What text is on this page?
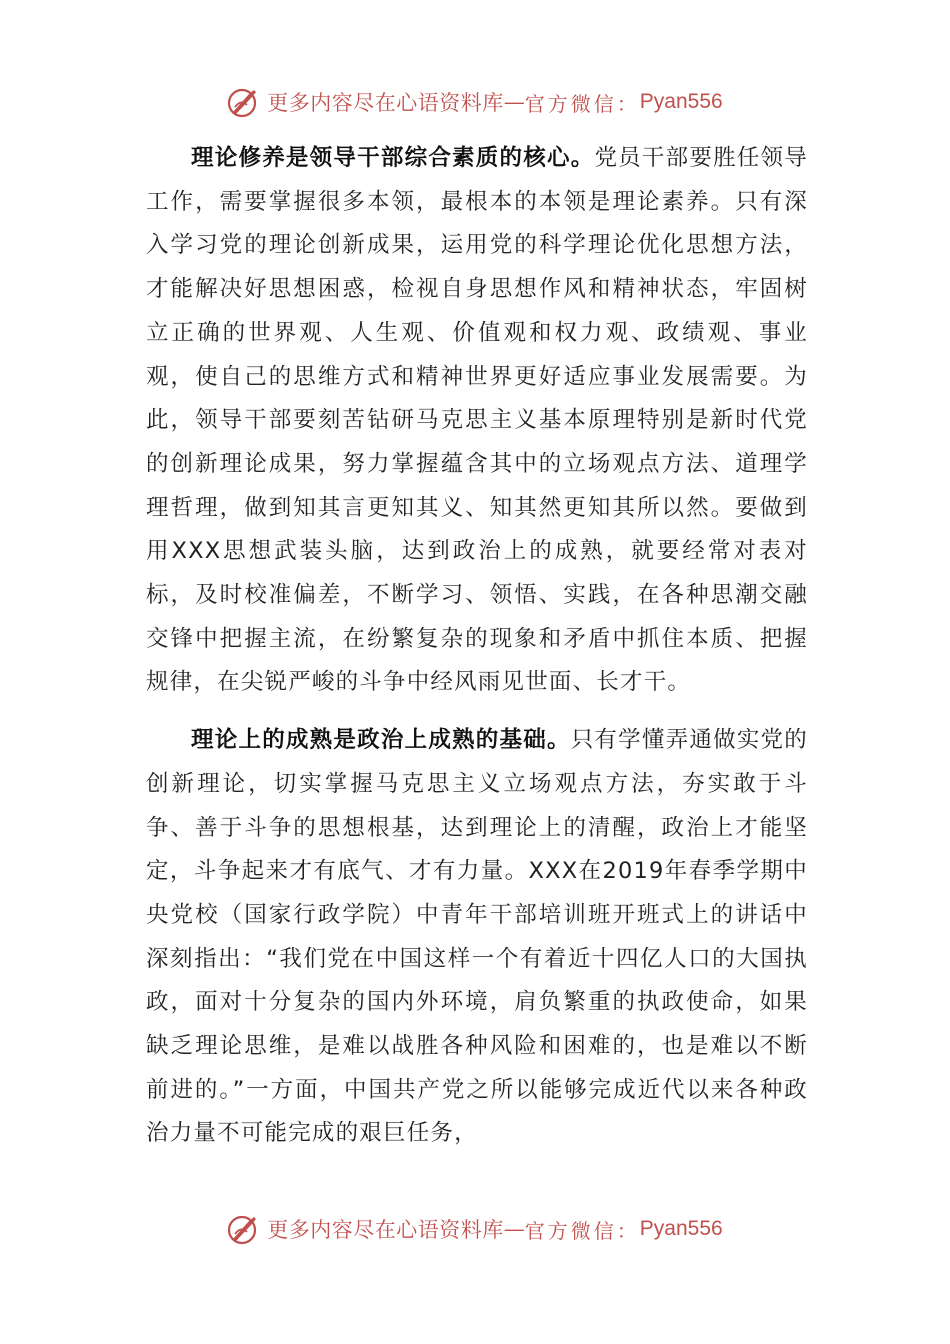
更多内容尽在心语资料库 — 官方微信： Pyan556

理论修养是领导干部综合素质的核心。党员干部要胜任领导工作，需要掌握很多本领，最根本的本领是理论素养。只有深入学习党的理论创新成果，运用党的科学理论优化思想方法，才能解决好思想困惑，检视自身思想作风和精神状态，牢固树立正确的世界观、人生观、价值观和权力观、政绩观、事业观，使自己的思维方式和精神世界更好适应事业发展需要。为此，领导干部要刻苦钻研马克思主义基本原理特别是新时代党的创新理论成果，努力掌握蕴含其中的立场观点方法、道理学理哲理，做到知其言更知其义、知其然更知其所以然。要做到用XXX思想武装头脑，达到政治上的成熟，就要经常对表对标，及时校准偏差，不断学习、领悟、实践，在各种思潮交融交锋中把握主流，在纷繁复杂的现象和矛盾中抓住本质、把握规律，在尖锐严峻的斗争中经风雨见世面、长才干。

理论上的成熟是政治上成熟的基础。只有学懂弄通做实党的创新理论，切实掌握马克思主义立场观点方法，夯实敢于斗争、善于斗争的思想根基，达到理论上的清醒，政治上才能坚定，斗争起来才有底气、才有力量。XXX在2019年春季学期中央党校（国家行政学院）中青年干部培训班开班式上的讲话中深刻指出：“我们党在中国这样一个有着近十四亿人口的大国执政，面对十分复杂的国内外环境，肩负繁重的执政使命，如果缺乏理论思维，是难以战胜各种风险和困难的，也是难以不断前进的。”一方面，中国共产党之所以能够完成近代以来各种政治力量不可能完成的艰巨任务，

更多内容尽在心语资料库 — 官方微信： Pyan556
